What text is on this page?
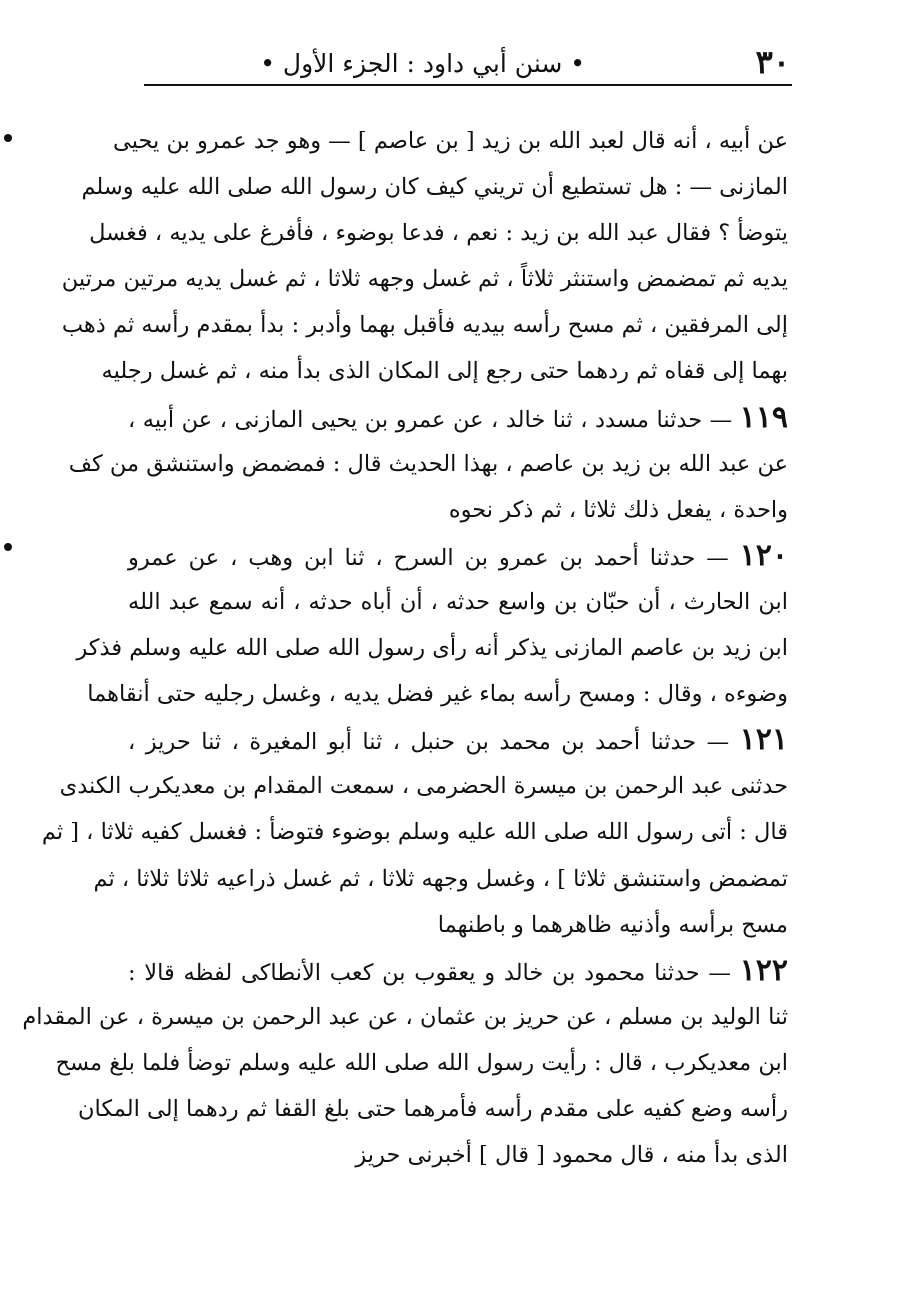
٣٠
• سنن أبي داود : الجزء الأول •
عن أبيه ، أنه قال لعبد الله بن زيد [ بن عاصم ] — وهو جد عمرو بن يحيى
المازنى — : هل تستطيع أن تريني كيف كان رسول الله صلى الله عليه وسلم
يتوضأ ؟ فقال عبد الله بن زيد : نعم ، فدعا بوضوء ، فأفرغ على يديه ، فغسل
يديه ثم تمضمض واستنثر ثلاثاً ، ثم غسل وجهه ثلاثا ، ثم غسل يديه مرتين مرتين
إلى المرفقين ، ثم مسح رأسه بيديه فأقبل بهما وأدبر : بدأ بمقدم رأسه ثم ذهب
بهما إلى قفاه ثم ردهما حتى رجع إلى المكان الذى بدأ منه ، ثم غسل رجليه
١١٩ — حدثنا مسدد ، ثنا خالد ، عن عمرو بن يحيى المازنى ، عن أبيه ،
عن عبد الله بن زيد بن عاصم ، بهذا الحديث قال : فمضمض واستنشق من كف
واحدة ، يفعل ذلك ثلاثا ، ثم ذكر نحوه
١٢٠ — حدثنا أحمد بن عمرو بن السرح ، ثنا ابن وهب ، عن عمرو
ابن الحارث ، أن حبّان بن واسع حدثه ، أن أباه حدثه ، أنه سمع عبد الله
ابن زيد بن عاصم المازنى يذكر أنه رأى رسول الله صلى الله عليه وسلم فذكر
وضوءه ، وقال : ومسح رأسه بماء غير فضل يديه ، وغسل رجليه حتى أنقاهما
١٢١ — حدثنا أحمد بن محمد بن حنبل ، ثنا أبو المغيرة ، ثنا حريز ،
حدثنى عبد الرحمن بن ميسرة الحضرمى ، سمعت المقدام بن معديكرب الكندى
قال : أتى رسول الله صلى الله عليه وسلم بوضوء فتوضأ : فغسل كفيه ثلاثا ، [ ثم
تمضمض واستنشق ثلاثا ] ، وغسل وجهه ثلاثا ، ثم غسل ذراعيه ثلاثا ثلاثا ، ثم
مسح برأسه وأذنيه ظاهرهما و باطنهما
١٢٢ — حدثنا محمود بن خالد و يعقوب بن كعب الأنطاكى لفظه قالا :
ثنا الوليد بن مسلم ، عن حريز بن عثمان ، عن عبد الرحمن بن ميسرة ، عن المقدام
ابن معديكرب ، قال : رأيت رسول الله صلى الله عليه وسلم توضأ فلما بلغ مسح
رأسه وضع كفيه على مقدم رأسه فأمرهما حتى بلغ القفا ثم ردهما إلى المكان
الذى بدأ منه ، قال محمود [ قال ] أخبرنى حريز
